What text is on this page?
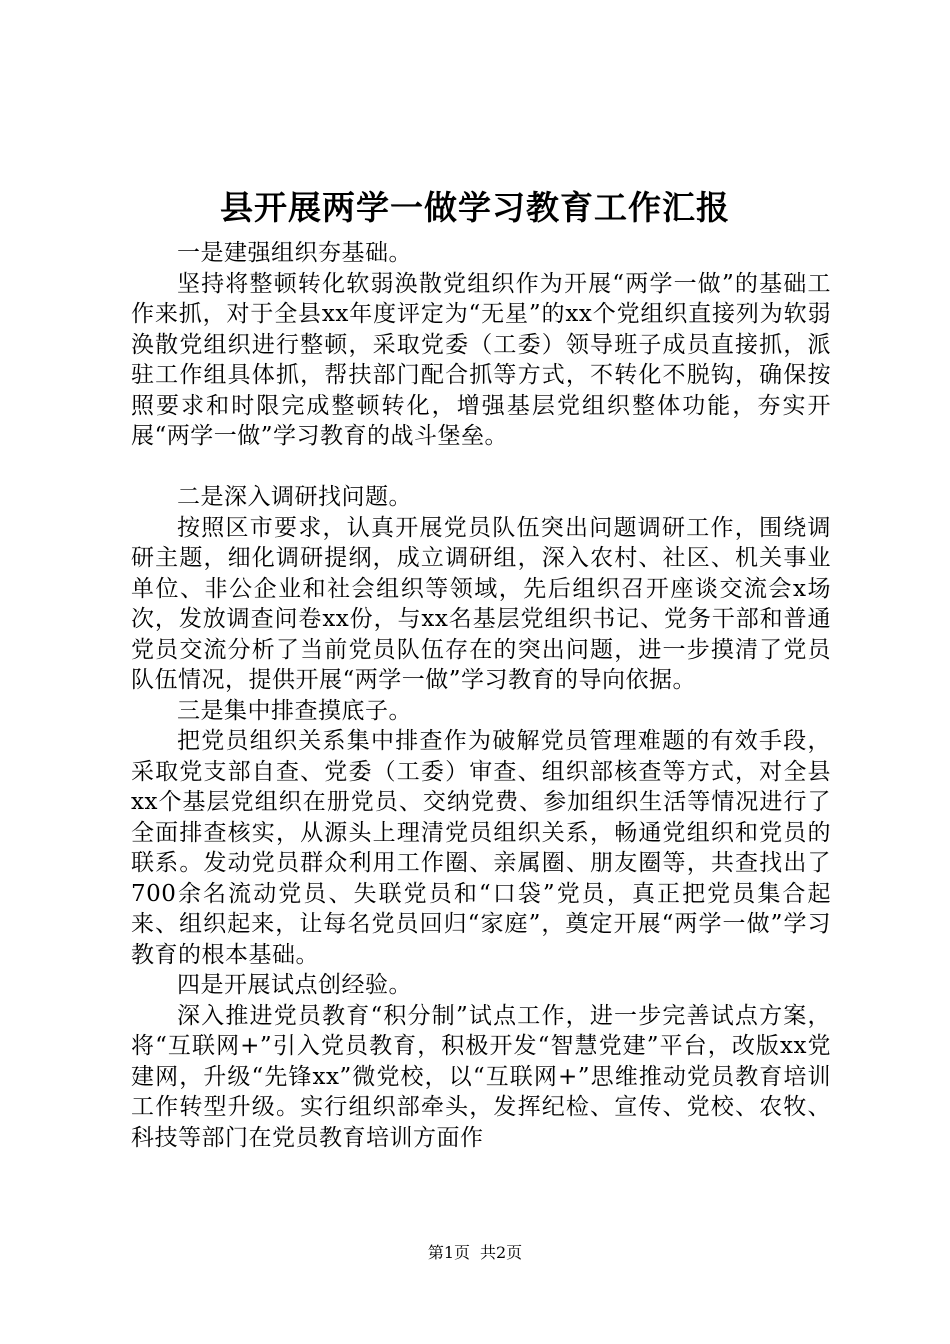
县开展两学一做学习教育工作汇报

一是建强组织夯基础。

坚持将整顿转化软弱涣散党组织作为开展“两学一做”的基础工作来抓，对于全县xx年度评定为“无星”的xx个党组织直接列为软弱涣散党组织进行整顿，采取党委（工委）领导班子成员直接抓，派驻工作组具体抓，帮扶部门配合抓等方式，不转化不脱钩，确保按照要求和时限完成整顿转化，增强基层党组织整体功能，夯实开展“两学一做”学习教育的战斗堡垒。

二是深入调研找问题。

按照区市要求，认真开展党员队伍突出问题调研工作，围绕调研主题，细化调研提纲，成立调研组，深入农村、社区、机关事业单位、非公企业和社会组织等领域，先后组织召开座谈交流会x场次，发放调查问卷xx份，与xx名基层党组织书记、党务干部和普通党员交流分析了当前党员队伍存在的突出问题，进一步摸清了党员队伍情况，提供开展“两学一做”学习教育的导向依据。

三是集中排查摸底子。

把党员组织关系集中排查作为破解党员管理难题的有效手段，采取党支部自查、党委（工委）审查、组织部核查等方式，对全县xx个基层党组织在册党员、交纳党费、参加组织生活等情况进行了全面排查核实，从源头上理清党员组织关系，畅通党组织和党员的联系。发动党员群众利用工作圈、亲属圈、朋友圈等，共查找出了700余名流动党员、失联党员和“口袋”党员，真正把党员集合起来、组织起来，让每名党员回归“家庭”，奠定开展“两学一做”学习教育的根本基础。

四是开展试点创经验。

深入推进党员教育“积分制”试点工作，进一步完善试点方案，将“互联网+”引入党员教育，积极开发“智慧党建”平台，改版xx党建网，升级“先锋xx”微党校，以“互联网+”思维推动党员教育培训工作转型升级。实行组织部牵头，发挥纪检、宣传、党校、农牧、科技等部门在党员教育培训方面作

第1页 共2页
